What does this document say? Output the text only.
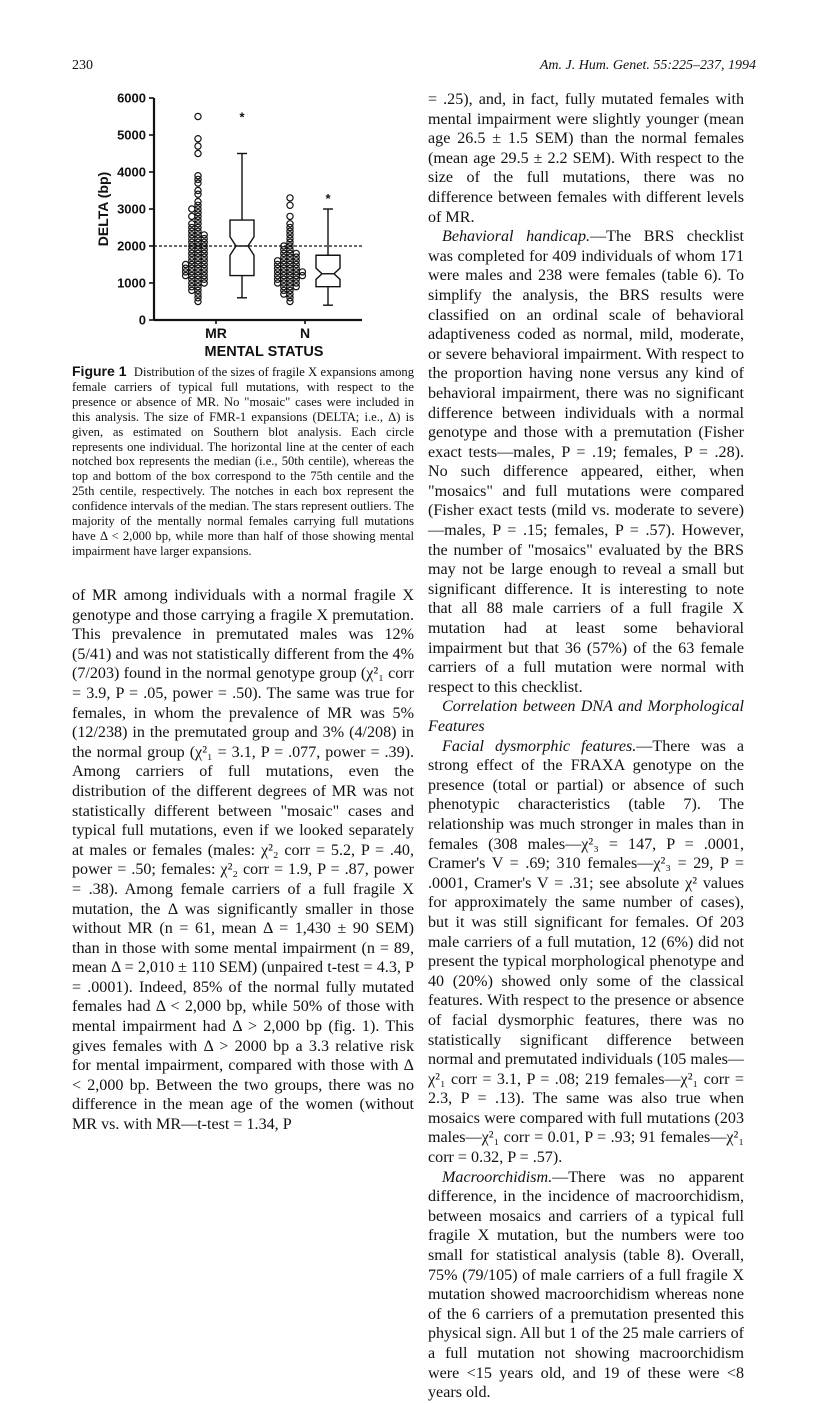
230	Am. J. Hum. Genet. 55:225–237, 1994
0
1000
2000
3000
4000
5000
6000
DELTA (bp)
*
MR
*
N
MENTAL STATUS
Figure 1 Distribution of the sizes of fragile X expansions among female carriers of typical full mutations, with respect to the presence or absence of MR. No "mosaic" cases were included in this analysis. The size of FMR-1 expansions (DELTA; i.e., Δ) is given, as estimated on Southern blot analysis. Each circle represents one individual. The horizontal line at the center of each notched box represents the median (i.e., 50th centile), whereas the top and bottom of the box correspond to the 75th centile and the 25th centile, respectively. The notches in each box represent the confidence intervals of the median. The stars represent outliers. The majority of the mentally normal females carrying full mutations have Δ < 2,000 bp, while more than half of those showing mental impairment have larger expansions.

of MR among individuals with a normal fragile X genotype and those carrying a fragile X premutation. This prevalence in premutated males was 12% (5/41) and was not statistically different from the 4% (7/203) found in the normal genotype group (χ²₁ corr = 3.9, P = .05, power = .50). The same was true for females, in whom the prevalence of MR was 5% (12/238) in the premutated group and 3% (4/208) in the normal group (χ²₁ = 3.1, P = .077, power = .39). Among carriers of full mutations, even the distribution of the different degrees of MR was not statistically different between "mosaic" cases and typical full mutations, even if we looked separately at males or females (males: χ²₂ corr = 5.2, P = .40, power = .50; females: χ²₂ corr = 1.9, P = .87, power = .38). Among female carriers of a full fragile X mutation, the Δ was significantly smaller in those without MR (n = 61, mean Δ = 1,430 ± 90 SEM) than in those with some mental impairment (n = 89, mean Δ = 2,010 ± 110 SEM) (unpaired t-test = 4.3, P = .0001). Indeed, 85% of the normal fully mutated females had Δ < 2,000 bp, while 50% of those with mental impairment had Δ > 2,000 bp (fig. 1). This gives females with Δ > 2000 bp a 3.3 relative risk for mental impairment, compared with those with Δ < 2,000 bp. Between the two groups, there was no difference in the mean age of the women (without MR vs. with MR—t-test = 1.34, P

= .25), and, in fact, fully mutated females with mental impairment were slightly younger (mean age 26.5 ± 1.5 SEM) than the normal females (mean age 29.5 ± 2.2 SEM). With respect to the size of the full mutations, there was no difference between females with different levels of MR.

Behavioral handicap.—The BRS checklist was completed for 409 individuals of whom 171 were males and 238 were females (table 6). To simplify the analysis, the BRS results were classified on an ordinal scale of behavioral adaptiveness coded as normal, mild, moderate, or severe behavioral impairment. With respect to the proportion having none versus any kind of behavioral impairment, there was no significant difference between individuals with a normal genotype and those with a premutation (Fisher exact tests—males, P = .19; females, P = .28). No such difference appeared, either, when "mosaics" and full mutations were compared (Fisher exact tests (mild vs. moderate to severe)—males, P = .15; females, P = .57). However, the number of "mosaics" evaluated by the BRS may not be large enough to reveal a small but significant difference. It is interesting to note that all 88 male carriers of a full fragile X mutation had at least some behavioral impairment but that 36 (57%) of the 63 female carriers of a full mutation were normal with respect to this checklist.

Correlation between DNA and Morphological Features

Facial dysmorphic features.—There was a strong effect of the FRAXA genotype on the presence (total or partial) or absence of such phenotypic characteristics (table 7). The relationship was much stronger in males than in females (308 males—χ²₃ = 147, P = .0001, Cramer's V = .69; 310 females—χ²₃ = 29, P = .0001, Cramer's V = .31; see absolute χ² values for approximately the same number of cases), but it was still significant for females. Of 203 male carriers of a full mutation, 12 (6%) did not present the typical morphological phenotype and 40 (20%) showed only some of the classical features. With respect to the presence or absence of facial dysmorphic features, there was no statistically significant difference between normal and premutated individuals (105 males—χ²₁ corr = 3.1, P = .08; 219 females—χ²₁ corr = 2.3, P = .13). The same was also true when mosaics were compared with full mutations (203 males—χ²₁ corr = 0.01, P = .93; 91 females—χ²₁ corr = 0.32, P = .57).

Macroorchidism.—There was no apparent difference, in the incidence of macroorchidism, between mosaics and carriers of a typical full fragile X mutation, but the numbers were too small for statistical analysis (table 8). Overall, 75% (79/105) of male carriers of a full fragile X mutation showed macroorchidism whereas none of the 6 carriers of a premutation presented this physical sign. All but 1 of the 25 male carriers of a full mutation not showing macroorchidism were <15 years old, and 19 of these were <8 years old.
